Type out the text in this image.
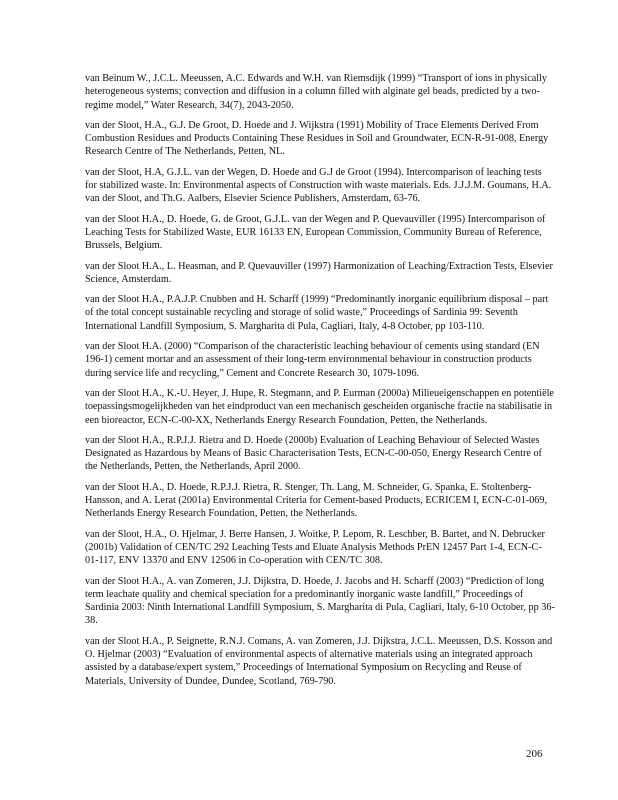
van Beinum W., J.C.L. Meeussen, A.C. Edwards and W.H. van Riemsdijk (1999) “Transport of ions in physically heterogeneous systems; convection and diffusion in a column filled with alginate gel beads, predicted by a two-regime model,” Water Research, 34(7), 2043-2050.

van der Sloot, H.A., G.J. De Groot, D. Hoede and J. Wijkstra (1991) Mobility of Trace Elements Derived From Combustion Residues and Products Containing These Residues in Soil and Groundwater, ECN-R-91-008, Energy Research Centre of The Netherlands, Petten, NL.

van der Sloot, H.A, G.J.L. van der Wegen, D. Hoede and G.J de Groot (1994). Intercomparison of leaching tests for stabilized waste. In: Environmental aspects of Construction with waste materials. Eds. J.J.J.M. Goumans, H.A. van der Sloot, and Th.G. Aalbers, Elsevier Science Publishers, Amsterdam, 63-76.

van der Sloot H.A., D. Hoede, G. de Groot, G.J.L. van der Wegen and P. Quevauviller (1995) Intercomparison of Leaching Tests for Stabilized Waste, EUR 16133 EN, European Commission, Community Bureau of Reference, Brussels, Belgium.

van der Sloot H.A., L. Heasman, and P. Quevauviller (1997) Harmonization of Leaching/Extraction Tests, Elsevier Science, Amsterdam.

van der Sloot H.A., P.A.J.P. Cnubben and H. Scharff (1999) “Predominantly inorganic equilibrium disposal – part of the total concept sustainable recycling and storage of solid waste,” Proceedings of Sardinia 99: Seventh International Landfill Symposium, S. Margharita di Pula, Cagliari, Italy, 4-8 October, pp 103-110.

van der Sloot H.A. (2000) “Comparison of the characteristic leaching behaviour of cements using standard (EN 196-1) cement mortar and an assessment of their long-term environmental behaviour in construction products during service life and recycling,” Cement and Concrete Research 30, 1079-1096.

van der Sloot H.A., K.-U. Heyer, J. Hupe, R. Stegmann, and P. Eurman (2000a) Milieueigenschappen en potentiële toepassingsmogelijkheden van het eindproduct van een mechanisch gescheiden organische fractie na stabilisatie in een bioreactor, ECN-C-00-XX, Netherlands Energy Research Foundation, Petten, the Netherlands.

van der Sloot H.A., R.P.J.J. Rietra and D. Hoede (2000b) Evaluation of Leaching Behaviour of Selected Wastes Designated as Hazardous by Means of Basic Characterisation Tests, ECN-C-00-050, Energy Research Centre of the Netherlands, Petten, the Netherlands, April 2000.

van der Sloot H.A., D. Hoede, R.P.J.J. Rietra, R. Stenger, Th. Lang, M. Schneider, G. Spanka, E. Stoltenberg-Hansson, and A. Lerat (2001a) Environmental Criteria for Cement-based Products, ECRICEM I, ECN-C-01-069, Netherlands Energy Research Foundation, Petten, the Netherlands.

van der Sloot, H.A., O. Hjelmar, J. Berre Hansen, J. Woitke, P. Lepom, R. Leschber, B. Bartet, and N. Debrucker (2001b) Validation of CEN/TC 292 Leaching Tests and Eluate Analysis Methods PrEN 12457 Part 1-4, ECN-C-01-117, ENV 13370 and ENV 12506 in Co-operation with CEN/TC 308.

van der Sloot H.A., A. van Zomeren, J.J. Dijkstra, D. Hoede, J. Jacobs and H. Scharff (2003) “Prediction of long term leachate quality and chemical speciation for a predominantly inorganic waste landfill,” Proceedings of Sardinia 2003: Ninth International Landfill Symposium, S. Margharita di Pula, Cagliari, Italy, 6-10 October, pp 36-38.

van der Sloot H.A., P. Seignette, R.N.J. Comans, A. van Zomeren, J.J. Dijkstra, J.C.L. Meeussen, D.S. Kosson and O. Hjelmar (2003) “Evaluation of environmental aspects of alternative materials using an integrated approach assisted by a database/expert system,” Proceedings of International Symposium on Recycling and Reuse of Materials, University of Dundee, Dundee, Scotland, 769-790.

206
